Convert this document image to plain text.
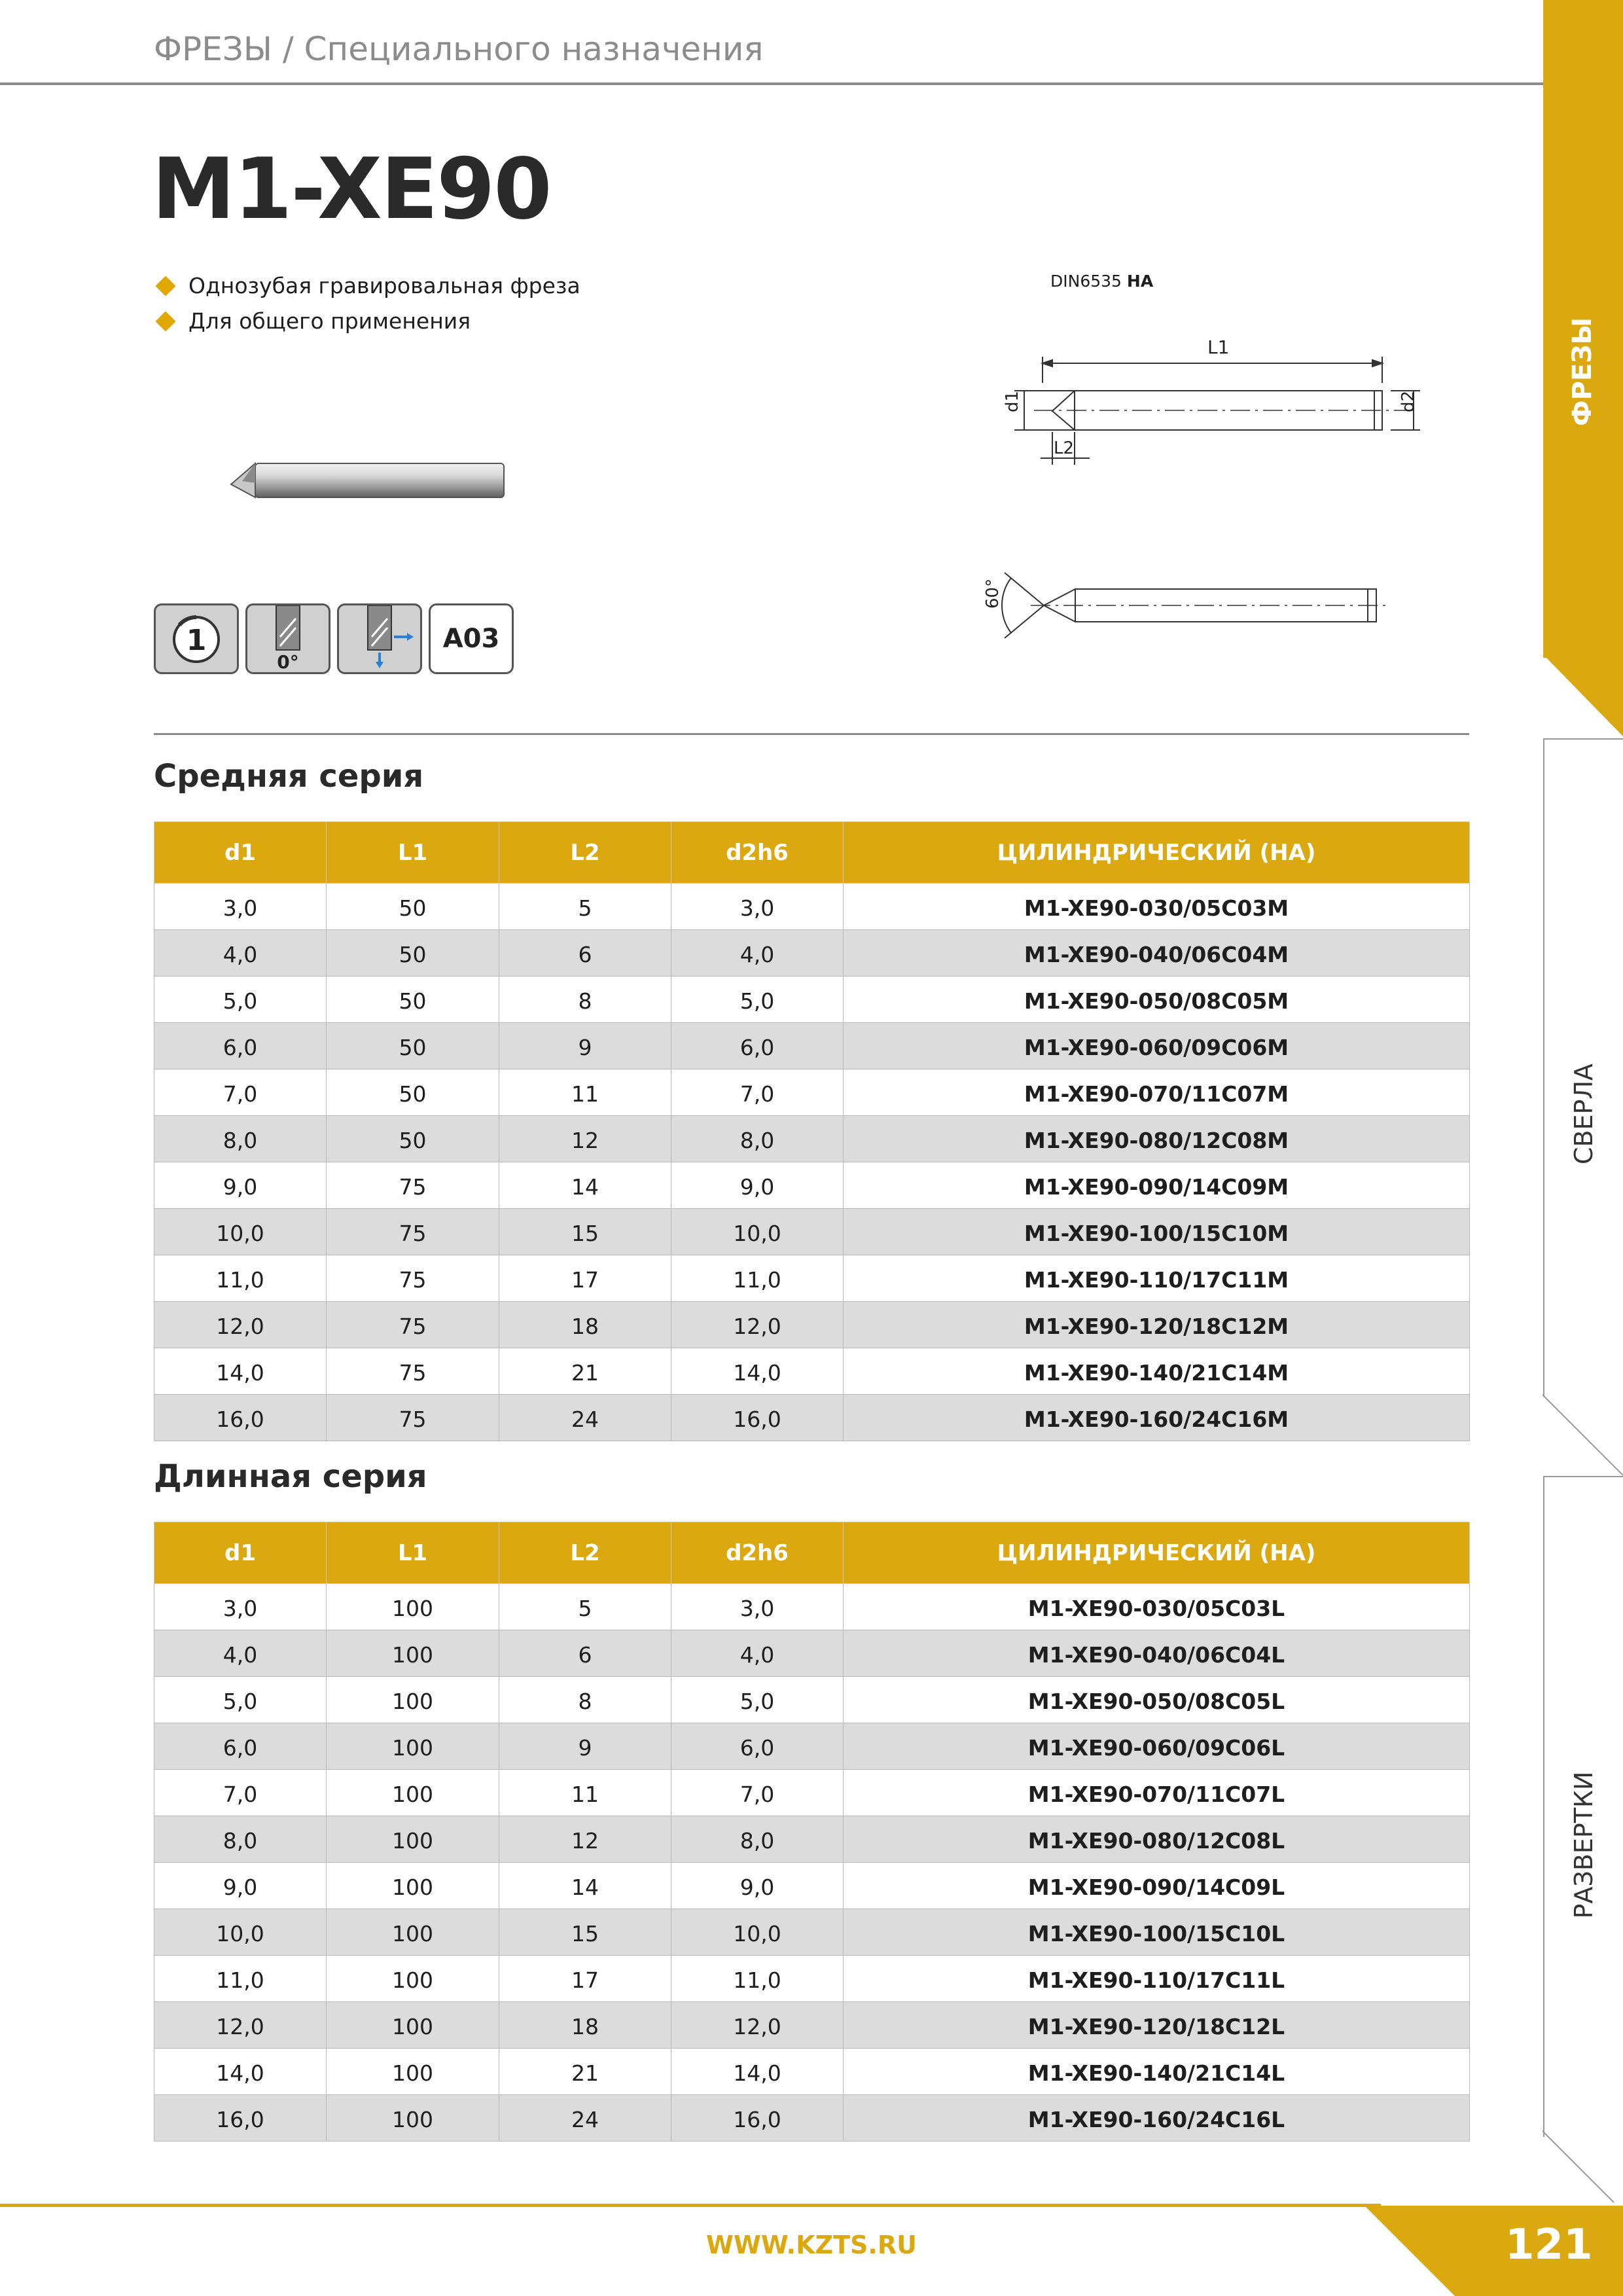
ФРЕЗЫ / Специального назначения
M1-XE90
Однозубая гравировальная фреза
Для общего применения
DIN6535 HA
L1
d1	d2
L2
60°
1
0°
A03
Средняя серия
d1	L1	L2	d2h6	ЦИЛИНДРИЧЕСКИЙ (HA)
3,0	50	5	3,0	M1-XE90-030/05C03M
4,0	50	6	4,0	M1-XE90-040/06C04M
5,0	50	8	5,0	M1-XE90-050/08C05M
6,0	50	9	6,0	M1-XE90-060/09C06M
7,0	50	11	7,0	M1-XE90-070/11C07M
8,0	50	12	8,0	M1-XE90-080/12C08M
9,0	75	14	9,0	M1-XE90-090/14C09M
10,0	75	15	10,0	M1-XE90-100/15C10M
11,0	75	17	11,0	M1-XE90-110/17C11M
12,0	75	18	12,0	M1-XE90-120/18C12M
14,0	75	21	14,0	M1-XE90-140/21C14M
16,0	75	24	16,0	M1-XE90-160/24C16M
Длинная серия
d1	L1	L2	d2h6	ЦИЛИНДРИЧЕСКИЙ (HA)
3,0	100	5	3,0	M1-XE90-030/05C03L
4,0	100	6	4,0	M1-XE90-040/06C04L
5,0	100	8	5,0	M1-XE90-050/08C05L
6,0	100	9	6,0	M1-XE90-060/09C06L
7,0	100	11	7,0	M1-XE90-070/11C07L
8,0	100	12	8,0	M1-XE90-080/12C08L
9,0	100	14	9,0	M1-XE90-090/14C09L
10,0	100	15	10,0	M1-XE90-100/15C10L
11,0	100	17	11,0	M1-XE90-110/17C11L
12,0	100	18	12,0	M1-XE90-120/18C12L
14,0	100	21	14,0	M1-XE90-140/21C14L
16,0	100	24	16,0	M1-XE90-160/24C16L
ФРЕЗЫ
СВЕРЛА
РАЗВЕРТКИ
WWW.KZTS.RU	121
